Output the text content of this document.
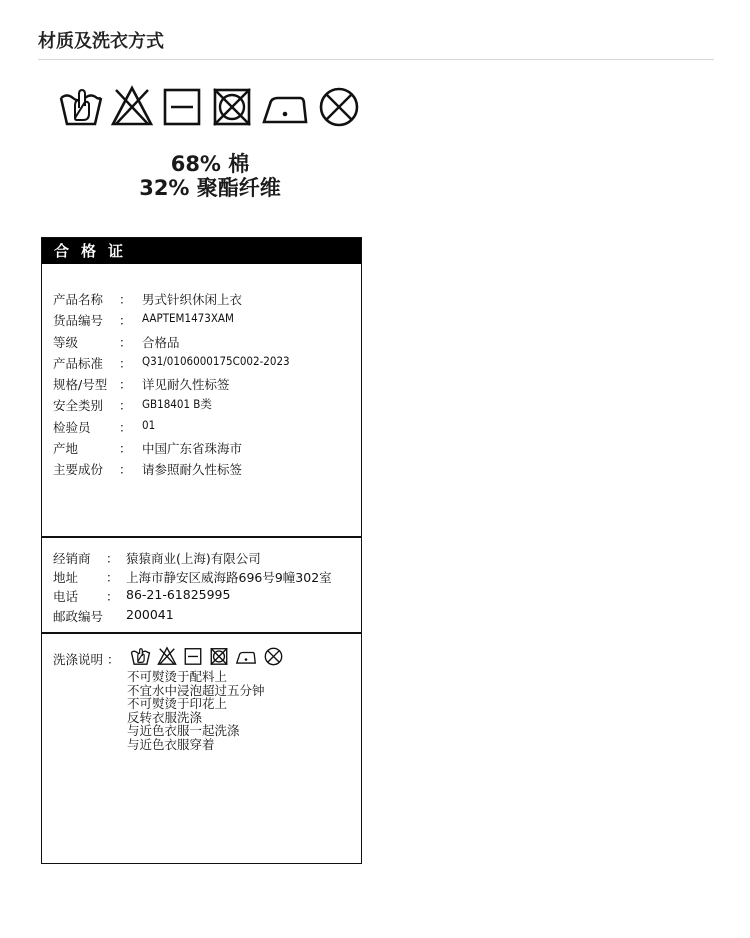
材质及洗衣方式
68% 棉
32% 聚酯纤维
合格证
产品名称 ： 男式针织休闲上衣
货品编号 ： AAPTEM1473XAM
等级	： 合格品
产品标准 ： Q31/0106000175C002-2023
规格/号型 ： 详见耐久性标签
安全类别 ： GB18401 B类
检验员 ： 01
产地	： 中国广东省珠海市
主要成份 ： 请参照耐久性标签
经销商 ： 猿猿商业(上海)有限公司
地址 ： 上海市静安区威海路696号9幢302室
电话 ： 86-21-61825995
邮政编号 200041
洗涤说明 ：
不可熨烫于配料上
不宜水中浸泡超过五分钟
不可熨烫于印花上
反转衣服洗涤
与近色衣服一起洗涤
与近色衣服穿着
